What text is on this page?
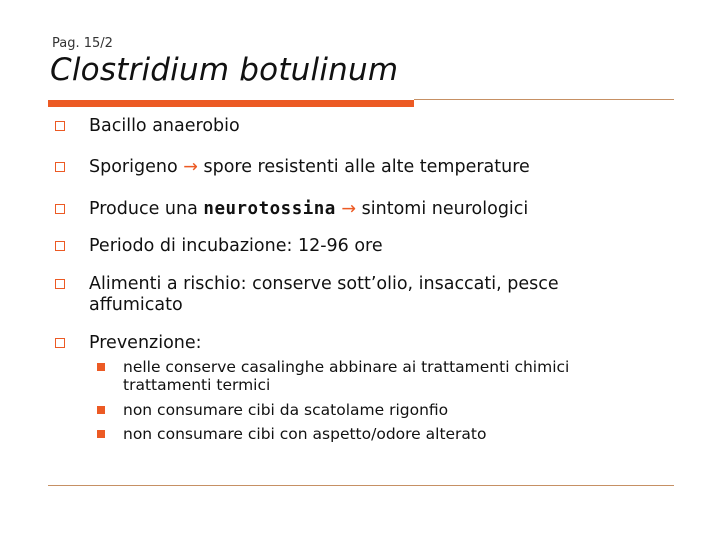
Pag. 15/2
Clostridium botulinum
Bacillo anaerobio
Sporigeno → spore resistenti alle alte temperature
Produce una neurotossina → sintomi neurologici
Periodo di incubazione: 12-96 ore
Alimenti a rischio: conserve sott’olio, insaccati, pesce
affumicato
Prevenzione:
nelle conserve casalinghe abbinare ai trattamenti chimici
trattamenti termici
non consumare cibi da scatolame rigonfio
non consumare cibi con aspetto/odore alterato
